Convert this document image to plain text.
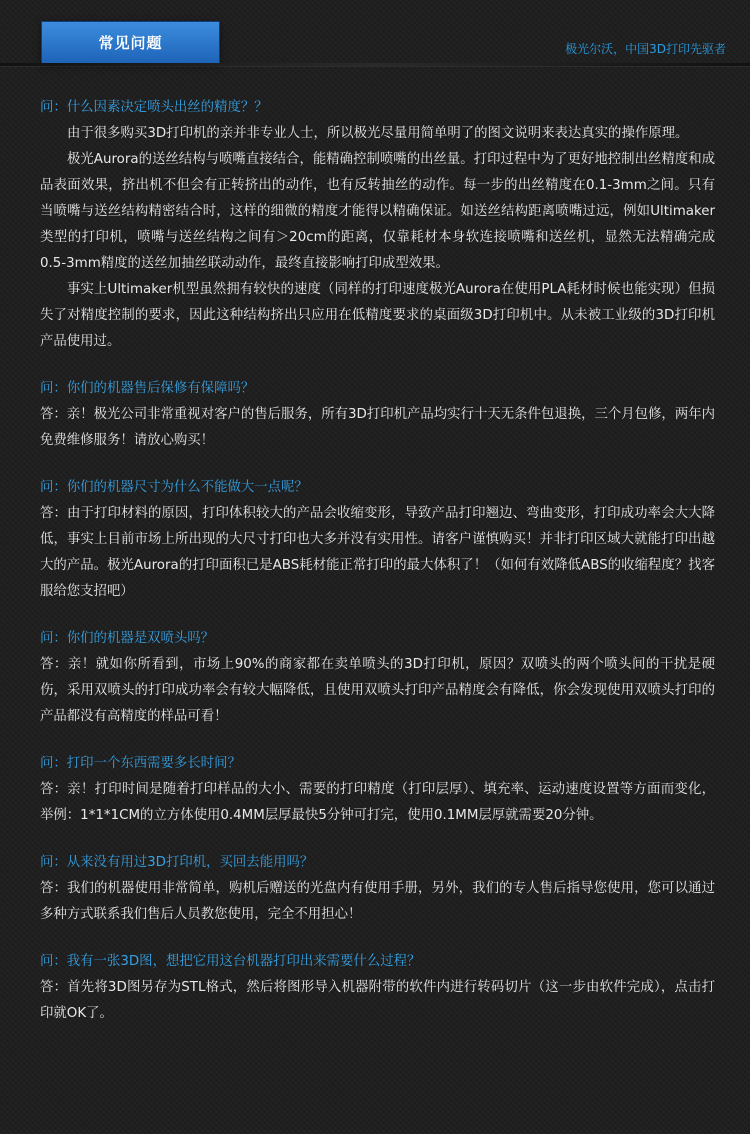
常见问题	极光尔沃，中国3D打印先驱者

问：什么因素决定喷头出丝的精度？？

由于很多购买3D打印机的亲并非专业人士，所以极光尽量用简单明了的图文说明来表达真实的操作原理。

极光Aurora的送丝结构与喷嘴直接结合，能精确控制喷嘴的出丝量。打印过程中为了更好地控制出丝精度和成品表面效果，挤出机不但会有正转挤出的动作，也有反转抽丝的动作。每一步的出丝精度在0.1-3mm之间。只有当喷嘴与送丝结构精密结合时，这样的细微的精度才能得以精确保证。如送丝结构距离喷嘴过远，例如Ultimaker类型的打印机，喷嘴与送丝结构之间有＞20cm的距离，仅靠耗材本身软连接喷嘴和送丝机，显然无法精确完成0.5-3mm精度的送丝加抽丝联动动作，最终直接影响打印成型效果。

事实上Ultimaker机型虽然拥有较快的速度（同样的打印速度极光Aurora在使用PLA耗材时候也能实现）但损失了对精度控制的要求，因此这种结构挤出只应用在低精度要求的桌面级3D打印机中。从未被工业级的3D打印机产品使用过。

问：你们的机器售后保修有保障吗？

答：亲！极光公司非常重视对客户的售后服务，所有3D打印机产品均实行十天无条件包退换，三个月包修，两年内免费维修服务！请放心购买！

问：你们的机器尺寸为什么不能做大一点呢？

答：由于打印材料的原因，打印体积较大的产品会收缩变形，导致产品打印翘边、弯曲变形，打印成功率会大大降低，事实上目前市场上所出现的大尺寸打印也大多并没有实用性。请客户谨慎购买！并非打印区域大就能打印出越大的产品。极光Aurora的打印面积已是ABS耗材能正常打印的最大体积了！（如何有效降低ABS的收缩程度？找客服给您支招吧）

问：你们的机器是双喷头吗？

答：亲！就如你所看到，市场上90%的商家都在卖单喷头的3D打印机，原因？双喷头的两个喷头间的干扰是硬伤，采用双喷头的打印成功率会有较大幅降低，且使用双喷头打印产品精度会有降低，你会发现使用双喷头打印的产品都没有高精度的样品可看！

问：打印一个东西需要多长时间？

答：亲！打印时间是随着打印样品的大小、需要的打印精度（打印层厚）、填充率、运动速度设置等方面而变化，举例：1*1*1CM的立方体使用0.4MM层厚最快5分钟可打完，使用0.1MM层厚就需要20分钟。

问：从来没有用过3D打印机，买回去能用吗？

答：我们的机器使用非常简单，购机后赠送的光盘内有使用手册，另外，我们的专人售后指导您使用，您可以通过多种方式联系我们售后人员教您使用，完全不用担心！

问：我有一张3D图，想把它用这台机器打印出来需要什么过程？

答：首先将3D图另存为STL格式，然后将图形导入机器附带的软件内进行转码切片（这一步由软件完成），点击打印就OK了。
